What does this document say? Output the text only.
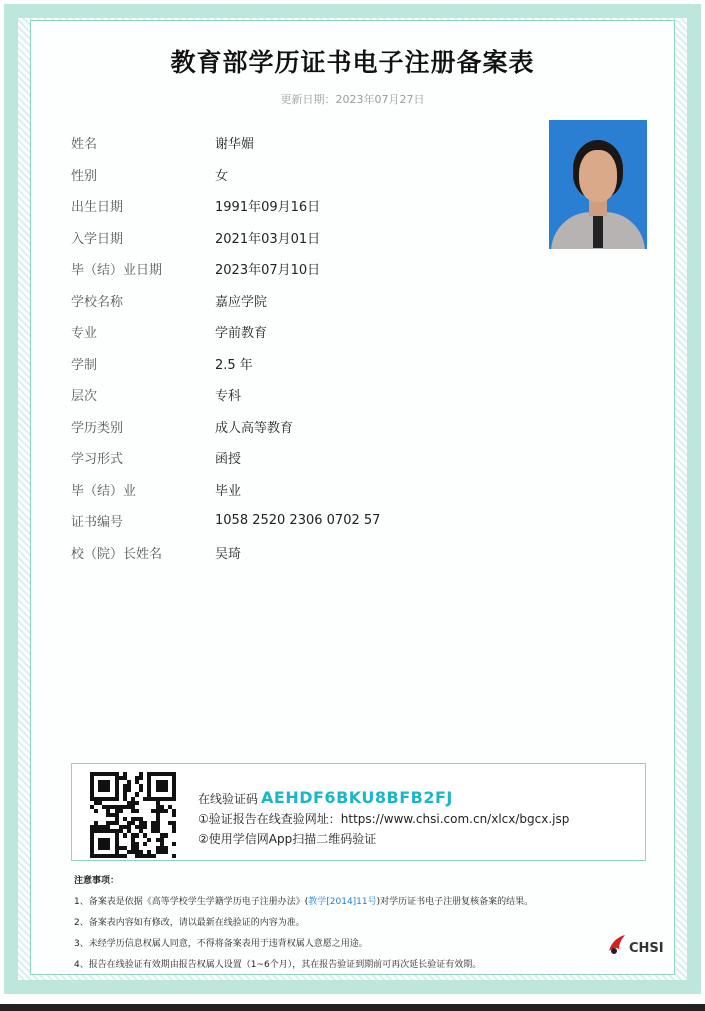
教育部学历证书电子注册备案表
更新日期：2023年07月27日
姓名	谢华媚
性别	女
出生日期	1991年09月16日
入学日期	2021年03月01日
毕（结）业日期	2023年07月10日
学校名称	嘉应学院
专业	学前教育
学制	2.5 年
层次	专科
学历类别	成人高等教育
学习形式	函授
毕（结）业	毕业
证书编号	1058 2520 2306 0702 57
校（院）长姓名	吴琦
在线验证码 AEHDF6BKU8BFB2FJ
①验证报告在线查验网址：https://www.chsi.com.cn/xlcx/bgcx.jsp
②使用学信网App扫描二维码验证
注意事项：
1、备案表是依据《高等学校学生学籍学历电子注册办法》(教学[2014]11号)对学历证书电子注册复核备案的结果。
2、备案表内容如有修改，请以最新在线验证的内容为准。
3、未经学历信息权属人同意，不得将备案表用于违背权属人意愿之用途。
4、报告在线验证有效期由报告权属人设置（1~6个月），其在报告验证到期前可再次延长验证有效期。
CHSI
